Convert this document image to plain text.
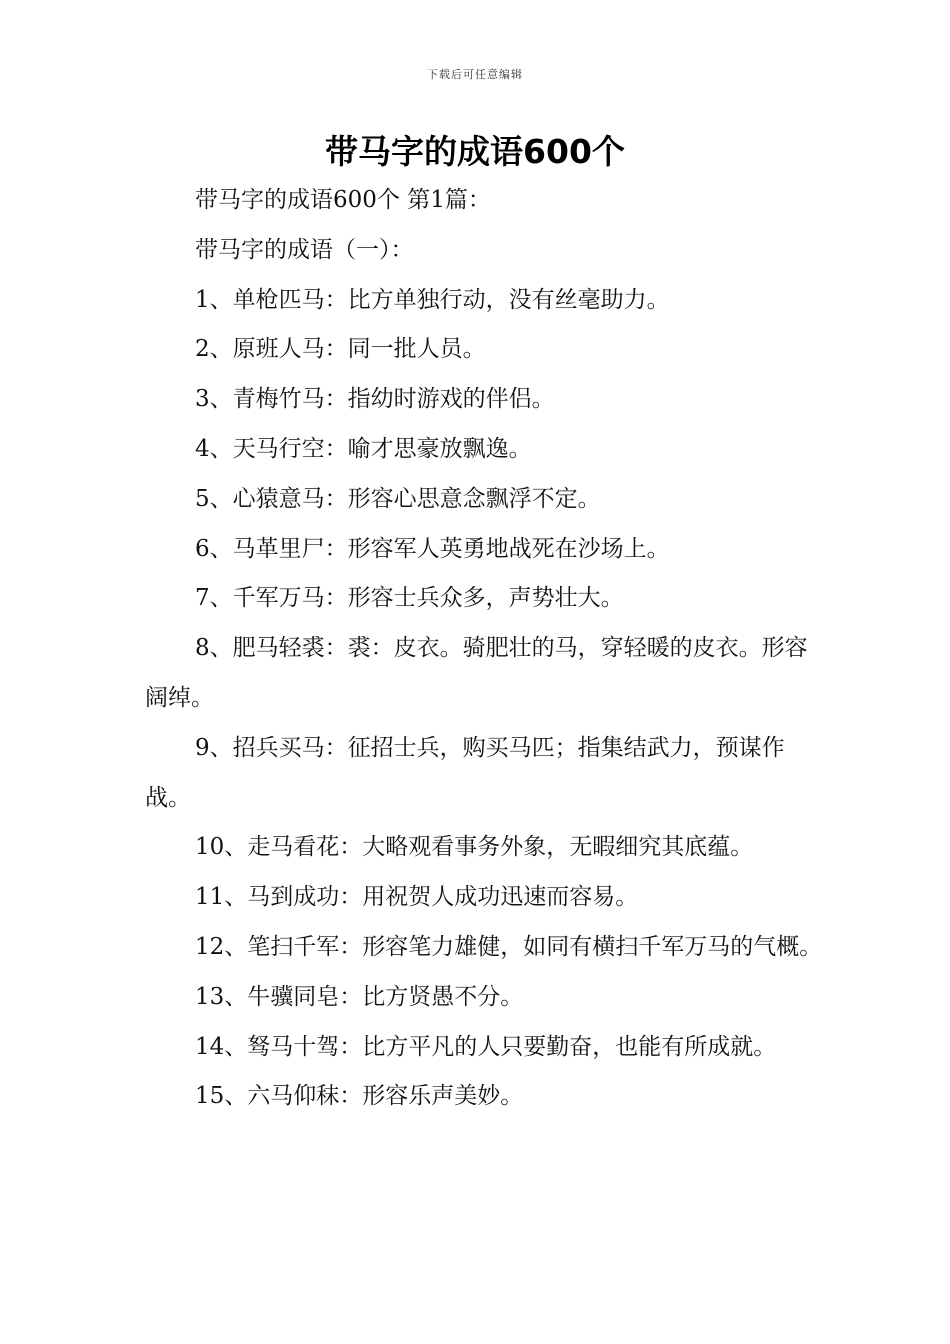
下载后可任意编辑
带马字的成语600个

带马字的成语600个 第1篇：

带马字的成语（一）：

1、单枪匹马：比方单独行动，没有丝毫助力。

2、原班人马：同一批人员。

3、青梅竹马：指幼时游戏的伴侣。

4、天马行空：喻才思豪放飘逸。

5、心猿意马：形容心思意念飘浮不定。

6、马革里尸：形容军人英勇地战死在沙场上。

7、千军万马：形容士兵众多，声势壮大。

8、肥马轻裘：裘：皮衣。骑肥壮的马，穿轻暖的皮衣。形容阔绰。

9、招兵买马：征招士兵，购买马匹；指集结武力，预谋作战。

10、走马看花：大略观看事务外象，无暇细究其底蕴。

11、马到成功：用祝贺人成功迅速而容易。

12、笔扫千军：形容笔力雄健，如同有横扫千军万马的气概。

13、牛骥同皂：比方贤愚不分。

14、驽马十驾：比方平凡的人只要勤奋，也能有所成就。

15、六马仰秣：形容乐声美妙。
